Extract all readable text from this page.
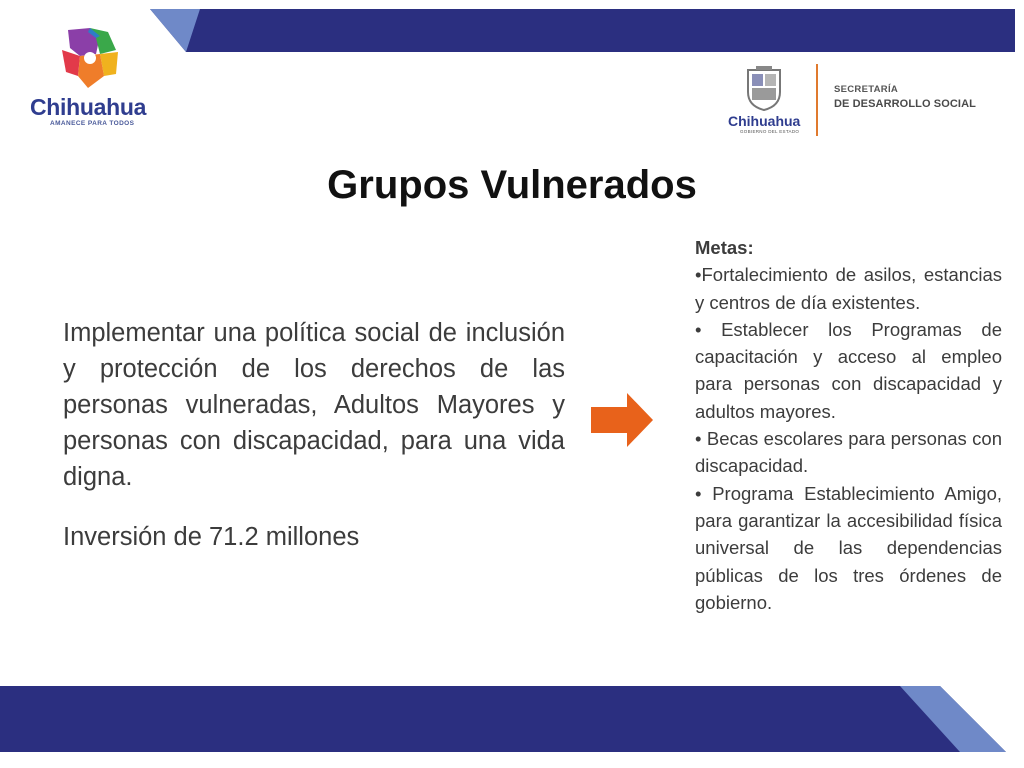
Chihuahua
AMANECE PARA TODOS	Chihuahua
GOBIERNO DEL ESTADO
SECRETARÍA
DE DESARROLLO SOCIAL
Grupos Vulnerados
Implementar una política social de inclusión y protección de los derechos de las personas vulneradas, Adultos Mayores y personas con discapacidad, para una vida digna.
Inversión de 71.2 millones

Metas:

•Fortalecimiento de asilos, estancias y centros de día existentes.

• Establecer los Programas de capacitación y acceso al empleo para personas con discapacidad y adultos mayores.

• Becas escolares para personas con discapacidad.

• Programa Establecimiento Amigo, para garantizar la accesibilidad física universal de las dependencias públicas de los tres órdenes de gobierno.
